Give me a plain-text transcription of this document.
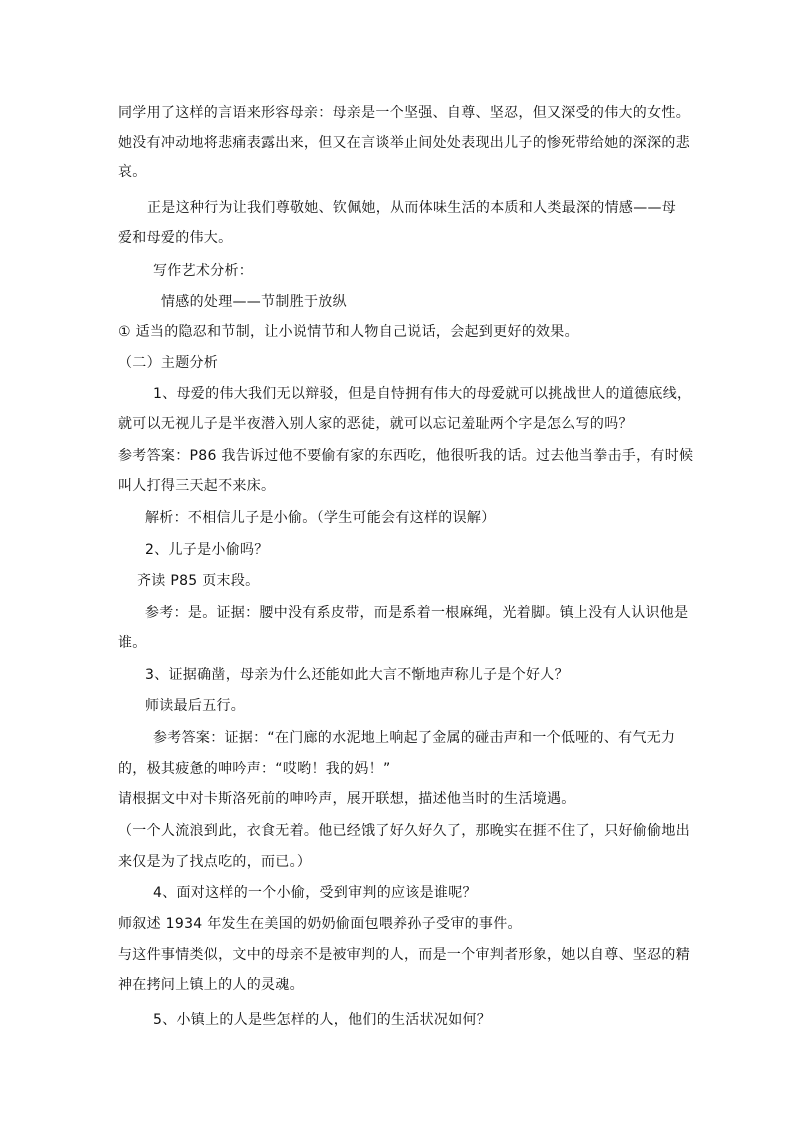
同学用了这样的言语来形容母亲：母亲是一个坚强、自尊、坚忍，但又深受的伟大的女性。
她没有冲动地将悲痛表露出来，但又在言谈举止间处处表现出儿子的惨死带给她的深深的悲
哀。
正是这种行为让我们尊敬她、钦佩她，从而体味生活的本质和人类最深的情感——母
爱和母爱的伟大。
写作艺术分析：
情感的处理——节制胜于放纵
① 适当的隐忍和节制，让小说情节和人物自己说话，会起到更好的效果。
（二）主题分析
1、母爱的伟大我们无以辩驳，但是自恃拥有伟大的母爱就可以挑战世人的道德底线，
就可以无视儿子是半夜潜入别人家的恶徒，就可以忘记羞耻两个字是怎么写的吗？
参考答案：P86 我告诉过他不要偷有家的东西吃，他很听我的话。过去他当拳击手，有时候
叫人打得三天起不来床。
解析：不相信儿子是小偷。（学生可能会有这样的误解）
2、儿子是小偷吗？
齐读 P85 页末段。
参考：是。证据：腰中没有系皮带，而是系着一根麻绳，光着脚。镇上没有人认识他是
谁。
3、证据确凿，母亲为什么还能如此大言不惭地声称儿子是个好人？
师读最后五行。
参考答案：证据：“在门廊的水泥地上响起了金属的碰击声和一个低哑的、有气无力
的，极其疲惫的呻吟声：“哎哟！我的妈！”
请根据文中对卡斯洛死前的呻吟声，展开联想，描述他当时的生活境遇。
（一个人流浪到此，衣食无着。他已经饿了好久好久了，那晚实在捱不住了，只好偷偷地出
来仅是为了找点吃的，而已。）
4、面对这样的一个小偷，受到审判的应该是谁呢？
师叙述 1934 年发生在美国的奶奶偷面包喂养孙子受审的事件。
与这件事情类似，文中的母亲不是被审判的人，而是一个审判者形象，她以自尊、坚忍的精
神在拷问上镇上的人的灵魂。
5、小镇上的人是些怎样的人，他们的生活状况如何？
